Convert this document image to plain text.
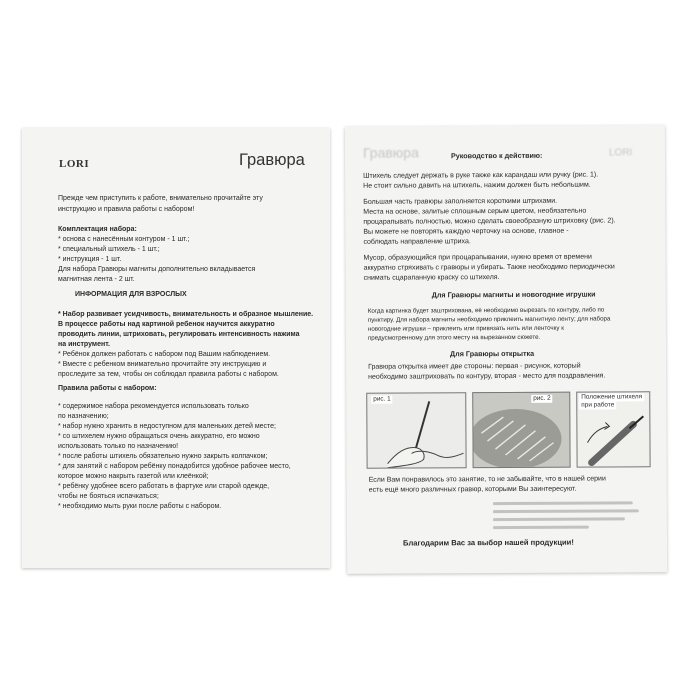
LORI	Гравюра
Прежде чем приступить к работе, внимательно прочитайте эту
инструкцию и правила работы с набором!
Комплектация набора:
* основа с нанесённым контуром - 1 шт.;
* специальный штихель - 1 шт.;
* инструкция - 1 шт.
Для набора Гравюры магниты дополнительно вкладывается
магнитная лента - 2 шт.
ИНФОРМАЦИЯ ДЛЯ ВЗРОСЛЫХ
* Набор развивает усидчивость, внимательность и образное мышление.
В процессе работы над картиной ребенок научится аккуратно
проводить линии, штриховать, регулировать интенсивность нажима
на инструмент.
* Ребёнок должен работать с набором под Вашим наблюдением.
* Вместе с ребенком внимательно прочитайте эту инструкцию и
проследите за тем, чтобы он соблюдал правила работы с набором.
Правила работы с набором:
* содержимое набора рекомендуется использовать только
по назначению;
* набор нужно хранить в недоступном для маленьких детей месте;
* со штихелем нужно обращаться очень аккуратно, его можно
использовать только по назначению!
* после работы штихель обязательно нужно закрыть колпачком;
* для занятий с набором ребёнку понадобится удобное рабочее место,
которое можно накрыть газетой или клеёнкой;
* ребёнку удобнее всего работать в фартуке или старой одежде,
чтобы не бояться испачкаться;
* необходимо мыть руки после работы с набором.
Гравюра	LORI
Руководство к действию:
Штихель следует держать в руке также как карандаш или ручку (рис. 1).
Не стоит сильно давить на штихель, нажим должен быть небольшим.
Большая часть гравюры заполняется короткими штрихами.
Места на основе, залитые сплошным серым цветом, необязательно
процарапывать полностью, можно сделать своеобразную штриховку (рис. 2).
Вы можете не повторять каждую черточку на основе, главное -
соблюдать направление штриха.
Мусор, образующийся при процарапывании, нужно время от времени
аккуратно стряхивать с гравюры и убирать. Также необходимо периодически
снимать сцарапанную краску со штихеля.
Для Гравюры магниты и новогодние игрушки
Когда картинка будет заштрихована, её необходимо вырезать по контуру, либо по
пунктиру. Для набора магниты необходимо приклеить магнитную ленту; для набора
новогодние игрушки – приклеить или привязать нить или ленточку к
предусмотренному для этого месту на вырезанном сюжете.
Для Гравюры открытка
Гравюра открытка имеет две стороны: первая - рисунок, который
необходимо заштриховать по контуру, вторая - место для поздравления.
рис. 1	рис. 2	Положение штихеля
при работе
Если Вам понравилось это занятие, то не забывайте, что в нашей серии
есть ещё много различных гравюр, которыми Вы заинтересуют.
Благодарим Вас за выбор нашей продукции!
